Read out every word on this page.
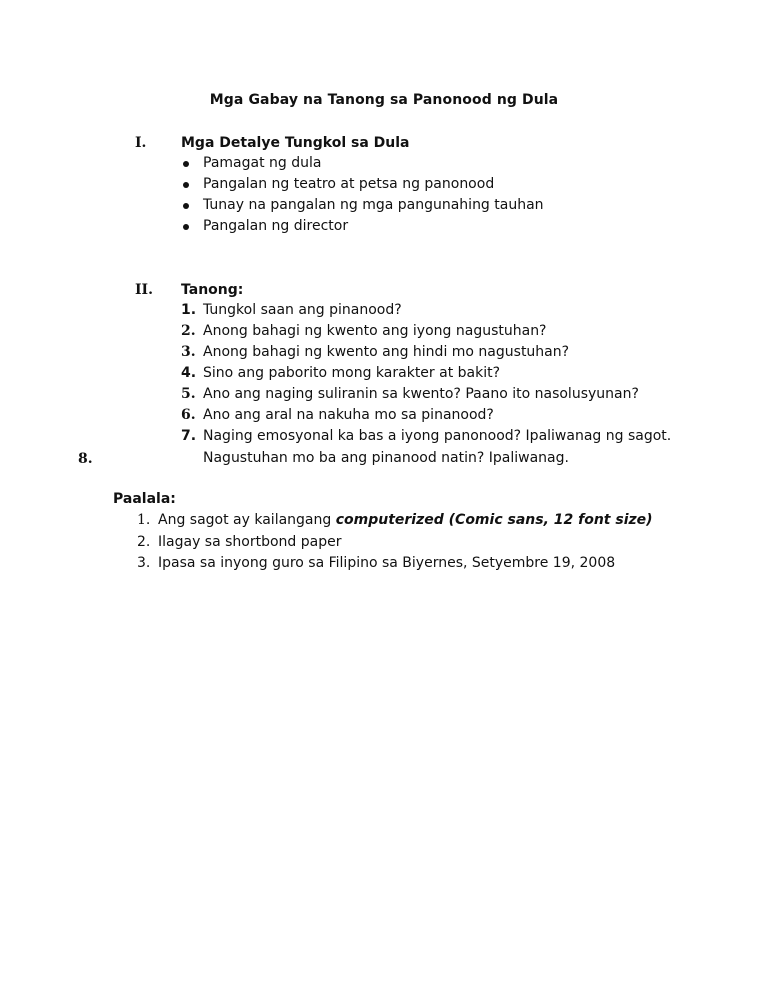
Mga Gabay na Tanong sa Panonood ng Dula
I. Mga Detalye Tungkol sa Dula
Pamagat ng dula
Pangalan ng teatro at petsa ng panonood
Tunay na pangalan ng mga pangunahing tauhan
Pangalan ng director
II. Tanong:
1. Tungkol saan ang pinanood?
2. Anong bahagi ng kwento ang iyong nagustuhan?
3. Anong bahagi ng kwento ang hindi mo nagustuhan?
4. Sino ang paborito mong karakter at bakit?
5. Ano ang naging suliranin sa kwento? Paano ito nasolusyunan?
6. Ano ang aral na nakuha mo sa pinanood?
7. Naging emosyonal ka bas a iyong panonood? Ipaliwanag ng sagot.
8.	Nagustuhan mo ba ang pinanood natin? Ipaliwanag.
Paalala:
1. Ang sagot ay kailangang computerized (Comic sans, 12 font size)
2. Ilagay sa shortbond paper
3. Ipasa sa inyong guro sa Filipino sa Biyernes, Setyembre 19, 2008
